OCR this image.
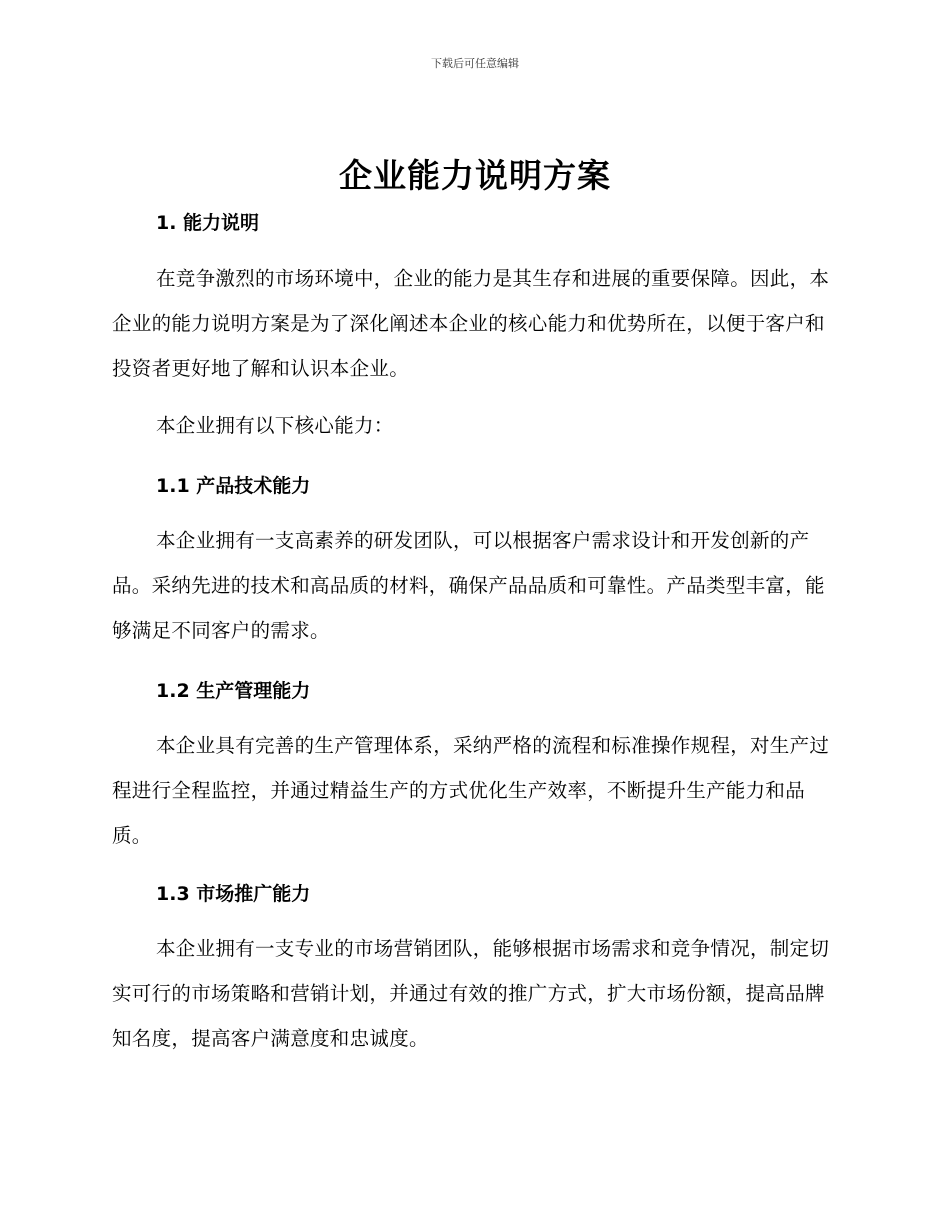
下载后可任意编辑
企业能力说明方案
1. 能力说明

在竞争激烈的市场环境中，企业的能力是其生存和进展的重要保障。因此，本企业的能力说明方案是为了深化阐述本企业的核心能力和优势所在，以便于客户和投资者更好地了解和认识本企业。

本企业拥有以下核心能力：

1.1 产品技术能力

本企业拥有一支高素养的研发团队，可以根据客户需求设计和开发创新的产品。采纳先进的技术和高品质的材料，确保产品品质和可靠性。产品类型丰富，能够满足不同客户的需求。

1.2 生产管理能力

本企业具有完善的生产管理体系，采纳严格的流程和标准操作规程，对生产过程进行全程监控，并通过精益生产的方式优化生产效率，不断提升生产能力和品质。

1.3 市场推广能力

本企业拥有一支专业的市场营销团队，能够根据市场需求和竞争情况，制定切实可行的市场策略和营销计划，并通过有效的推广方式，扩大市场份额，提高品牌知名度，提高客户满意度和忠诚度。
